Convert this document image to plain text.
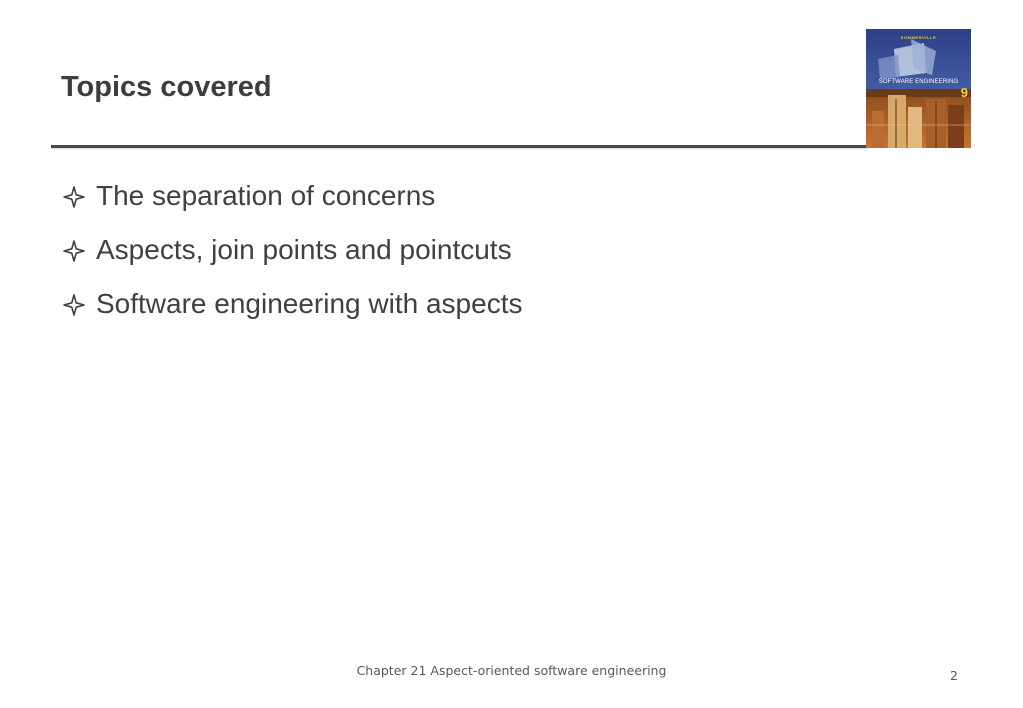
Topics covered
SOMMERVILLE
SOFTWARE ENGINEERING
9
The separation of concerns
Aspects, join points and pointcuts
Software engineering with aspects
Chapter 21 Aspect-oriented software engineering	2
